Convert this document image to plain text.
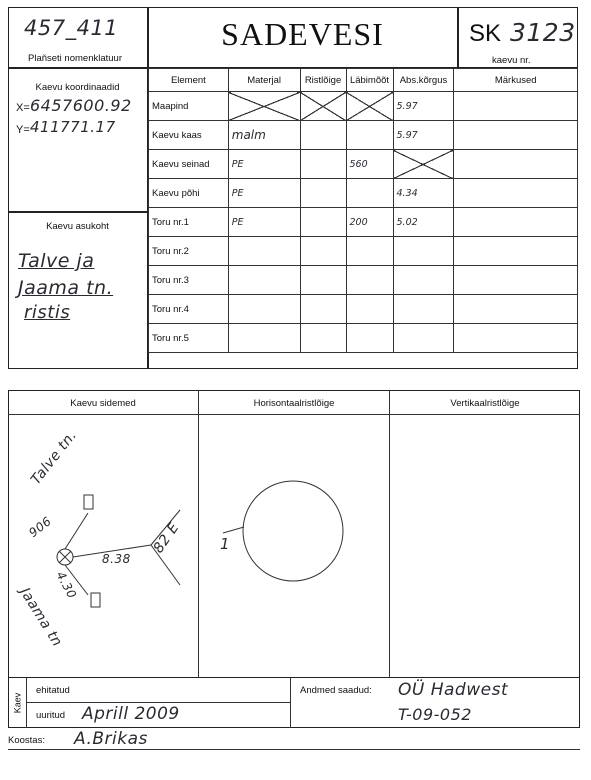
457_411
Plaňseti nomenklatuur
SADEVESI	SK 3123
kaevu nr.
Kaevu koordinaadid
X= 6457600.92
Y= 411771.17
Kaevu asukoht
Talve ja
Jaama tn.
ristis
Element	Materjal	Ristlõige	Läbimõõt	Abs.kõrgus	Märkused
Maapind				5.97	
Kaevu kaas	malm			5.97	
Kaevu seinad	PE		560		
Kaevu põhi	PE			4.34	
Toru nr.1	PE		200	5.02	
Toru nr.2					
Toru nr.3					
Toru nr.4					
Toru nr.5					
Kaevu sidemed	Horisontaalristlõige	Vertikaalristlõige
Talve tn.
906
8.38
4.30
Jaama tn
82 E 1
Kaev
ehitatud
uuritud Aprill 2009
Andmed saadud: OÜ Hadwest
T-09-052
Koostas: A.Brikas
